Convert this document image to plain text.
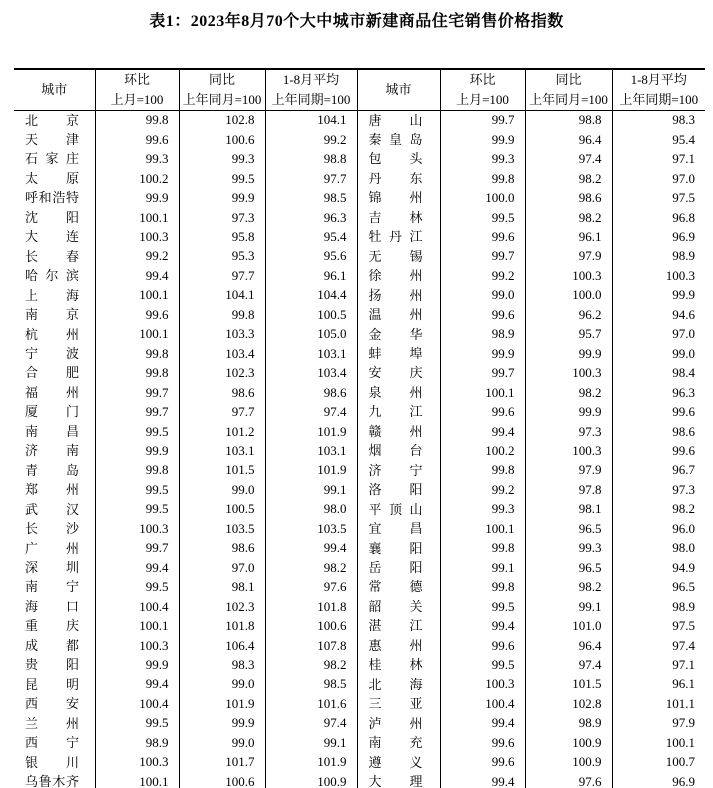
表1：2023年8月70个大中城市新建商品住宅销售价格指数
城市	环比	同比	1-8月平均	城市	环比	同比	1-8月平均
	上月=100	上年同月=100	上年同期=100		上月=100	上年同月=100	上年同期=100
北京	99.8	102.8	104.1	唐山	99.7	98.8	98.3
天津	99.6	100.6	99.2	秦皇岛	99.9	96.4	95.4
石家庄	99.3	99.3	98.8	包头	99.3	97.4	97.1
太原	100.2	99.5	97.7	丹东	99.8	98.2	97.0
呼和浩特	99.9	99.9	98.5	锦州	100.0	98.6	97.5
沈阳	100.1	97.3	96.3	吉林	99.5	98.2	96.8
大连	100.3	95.8	95.4	牡丹江	99.6	96.1	96.9
长春	99.2	95.3	95.6	无锡	99.7	97.9	98.9
哈尔滨	99.4	97.7	96.1	徐州	99.2	100.3	100.3
上海	100.1	104.1	104.4	扬州	99.0	100.0	99.9
南京	99.6	99.8	100.5	温州	99.6	96.2	94.6
杭州	100.1	103.3	105.0	金华	98.9	95.7	97.0
宁波	99.8	103.4	103.1	蚌埠	99.9	99.9	99.0
合肥	99.8	102.3	103.4	安庆	99.7	100.3	98.4
福州	99.7	98.6	98.6	泉州	100.1	98.2	96.3
厦门	99.7	97.7	97.4	九江	99.6	99.9	99.6
南昌	99.5	101.2	101.9	赣州	99.4	97.3	98.6
济南	99.9	103.1	103.1	烟台	100.2	100.3	99.6
青岛	99.8	101.5	101.9	济宁	99.8	97.9	96.7
郑州	99.5	99.0	99.1	洛阳	99.2	97.8	97.3
武汉	99.5	100.5	98.0	平顶山	99.3	98.1	98.2
长沙	100.3	103.5	103.5	宜昌	100.1	96.5	96.0
广州	99.7	98.6	99.4	襄阳	99.8	99.3	98.0
深圳	99.4	97.0	98.2	岳阳	99.1	96.5	94.9
南宁	99.5	98.1	97.6	常德	99.8	98.2	96.5
海口	100.4	102.3	101.8	韶关	99.5	99.1	98.9
重庆	100.1	101.8	100.6	湛江	99.4	101.0	97.5
成都	100.3	106.4	107.8	惠州	99.6	96.4	97.4
贵阳	99.9	98.3	98.2	桂林	99.5	97.4	97.1
昆明	99.4	99.0	98.5	北海	100.3	101.5	96.1
西安	100.4	101.9	101.6	三亚	100.4	102.8	101.1
兰州	99.5	99.9	97.4	泸州	99.4	98.9	97.9
西宁	98.9	99.0	99.1	南充	99.6	100.9	100.1
银川	100.3	101.7	101.9	遵义	99.6	100.9	100.7
乌鲁木齐	100.1	100.6	100.9	大理	99.4	97.6	96.9
